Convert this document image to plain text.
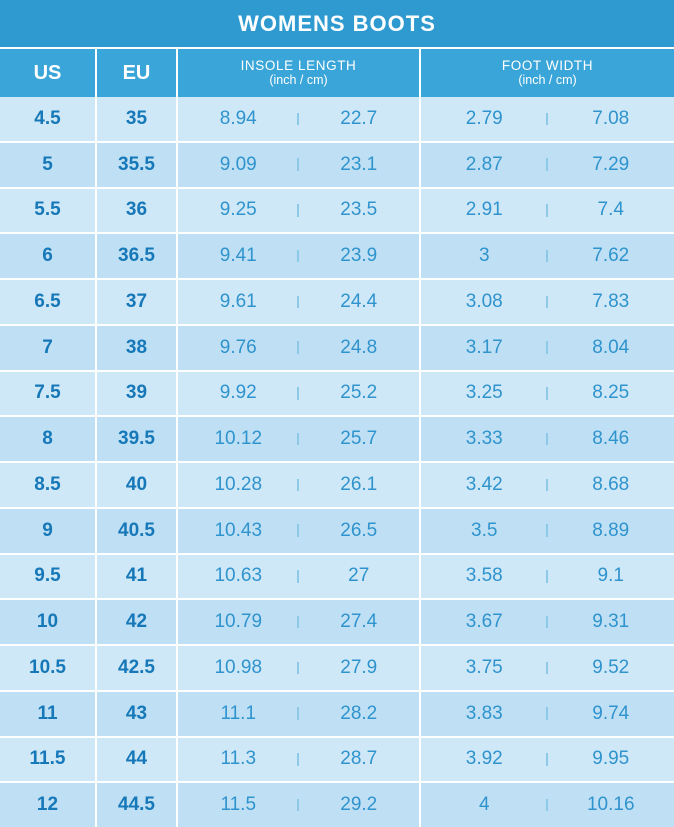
WOMENS BOOTS
US	EU	INSOLE LENGTH
(inch / cm)
FOOT WIDTH
(inch / cm)
4.5	35	8.94	22.7	2.79	7.08
5	35.5	9.09	23.1	2.87	7.29
5.5	36	9.25	23.5	2.91	7.4
6	36.5	9.41	23.9	3	7.62
6.5	37	9.61	24.4	3.08	7.83
7	38	9.76	24.8	3.17	8.04
7.5	39	9.92	25.2	3.25	8.25
8	39.5	10.12	25.7	3.33	8.46
8.5	40	10.28	26.1	3.42	8.68
9	40.5	10.43	26.5	3.5	8.89
9.5	41	10.63	27	3.58	9.1
10	42	10.79	27.4	3.67	9.31
10.5	42.5	10.98	27.9	3.75	9.52
11	43	11.1	28.2	3.83	9.74
11.5	44	11.3	28.7	3.92	9.95
12	44.5	11.5	29.2	4	10.16
